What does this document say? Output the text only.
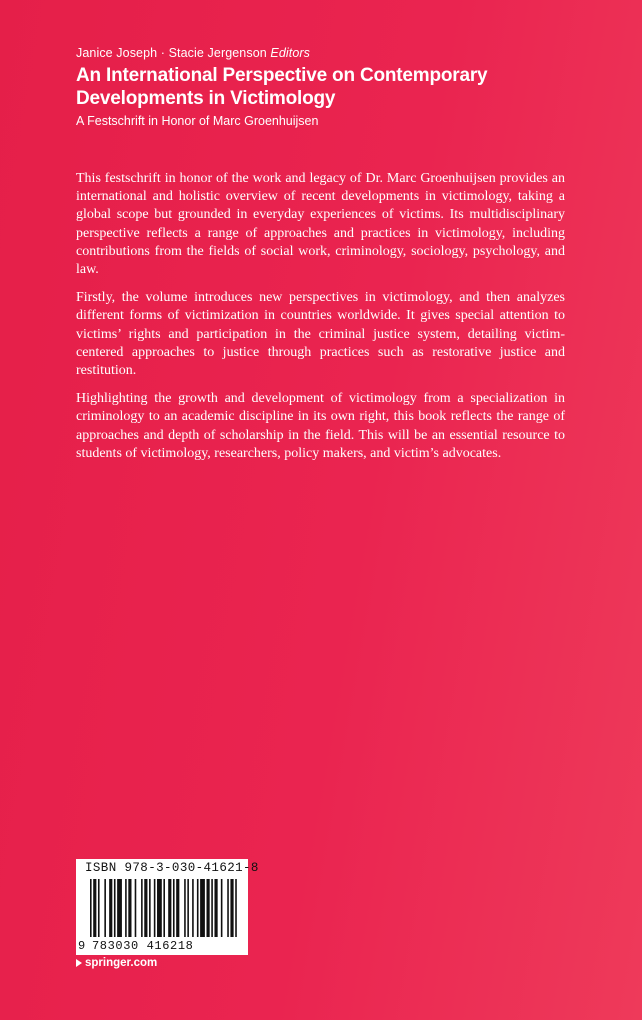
Janice Joseph · Stacie Jergenson Editors
An International Perspective on Contemporary Developments in Victimology
A Festschrift in Honor of Marc Groenhuijsen

This festschrift in honor of the work and legacy of Dr. Marc Groenhuijsen provides an international and holistic overview of recent developments in victimology, taking a global scope but grounded in everyday experiences of victims. Its multidisciplinary perspective reflects a range of approaches and practices in victimology, including contributions from the fields of social work, criminology, sociology, psychology, and law.

Firstly, the volume introduces new perspectives in victimology, and then analyzes different forms of victimization in countries worldwide. It gives special attention to victims’ rights and participation in the criminal justice system, detailing victim-centered approaches to justice through practices such as restorative justice and restitution.

Highlighting the growth and development of victimology from a specialization in criminology to an academic discipline in its own right, this book reflects the range of approaches and depth of scholarship in the field. This will be an essential resource to students of victimology, researchers, policy makers, and victim’s advocates.

ISBN 978-3-030-41621-8
9 783030 416218
springer.com
